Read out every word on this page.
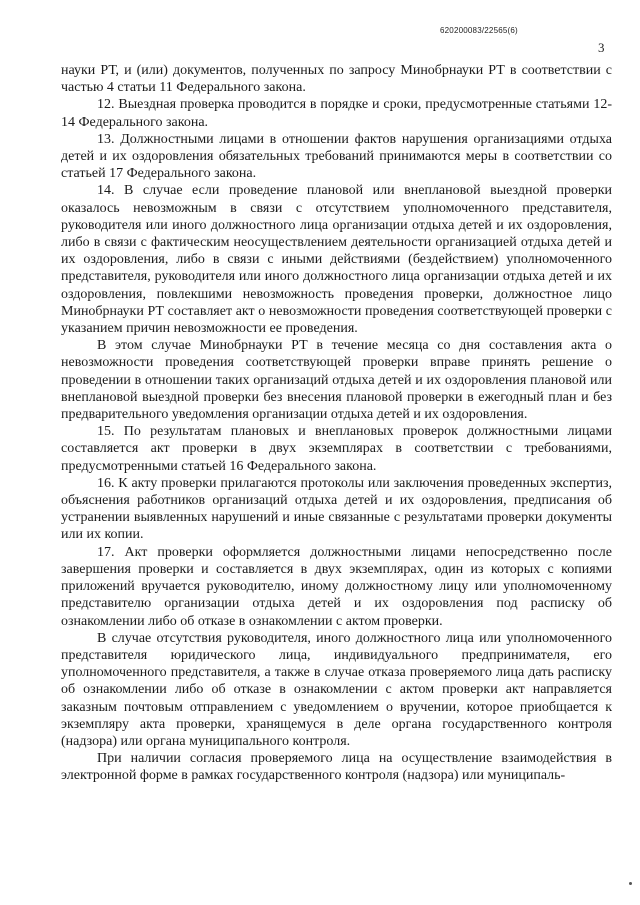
620200083/22565(6)
3

науки РТ, и (или) документов, полученных по запросу Минобрнауки РТ в соответствии с частью 4 статьи 11 Федерального закона.

12. Выездная проверка проводится в порядке и сроки, предусмотренные статьями 12-14 Федерального закона.

13. Должностными лицами в отношении фактов нарушения организациями отдыха детей и их оздоровления обязательных требований принимаются меры в соответствии со статьей 17 Федерального закона.

14. В случае если проведение плановой или внеплановой выездной проверки оказалось невозможным в связи с отсутствием уполномоченного представителя, руководителя или иного должностного лица организации отдыха детей и их оздоровления, либо в связи с фактическим неосуществлением деятельности организацией отдыха детей и их оздоровления, либо в связи с иными действиями (бездействием) уполномоченного представителя, руководителя или иного должностного лица организации отдыха детей и их оздоровления, повлекшими невозможность проведения проверки, должностное лицо Минобрнауки РТ составляет акт о невозможности проведения соответствующей проверки с указанием причин невозможности ее проведения.

В этом случае Минобрнауки РТ в течение месяца со дня составления акта о невозможности проведения соответствующей проверки вправе принять решение о проведении в отношении таких организаций отдыха детей и их оздоровления плановой или внеплановой выездной проверки без внесения плановой проверки в ежегодный план и без предварительного уведомления организации отдыха детей и их оздоровления.

15. По результатам плановых и внеплановых проверок должностными лицами составляется акт проверки в двух экземплярах в соответствии с требованиями, предусмотренными статьей 16 Федерального закона.

16. К акту проверки прилагаются протоколы или заключения проведенных экспертиз, объяснения работников организаций отдыха детей и их оздоровления, предписания об устранении выявленных нарушений и иные связанные с результатами проверки документы или их копии.

17. Акт проверки оформляется должностными лицами непосредственно после завершения проверки и составляется в двух экземплярах, один из которых с копиями приложений вручается руководителю, иному должностному лицу или уполномоченному представителю организации отдыха детей и их оздоровления под расписку об ознакомлении либо об отказе в ознакомлении с актом проверки.

В случае отсутствия руководителя, иного должностного лица или уполномоченного представителя юридического лица, индивидуального предпринимателя, его уполномоченного представителя, а также в случае отказа проверяемого лица дать расписку об ознакомлении либо об отказе в ознакомлении с актом проверки акт направляется заказным почтовым отправлением с уведомлением о вручении, которое приобщается к экземпляру акта проверки, хранящемуся в деле органа государственного контроля (надзора) или органа муниципального контроля.

При наличии согласия проверяемого лица на осуществление взаимодействия в электронной форме в рамках государственного контроля (надзора) или муниципаль-
